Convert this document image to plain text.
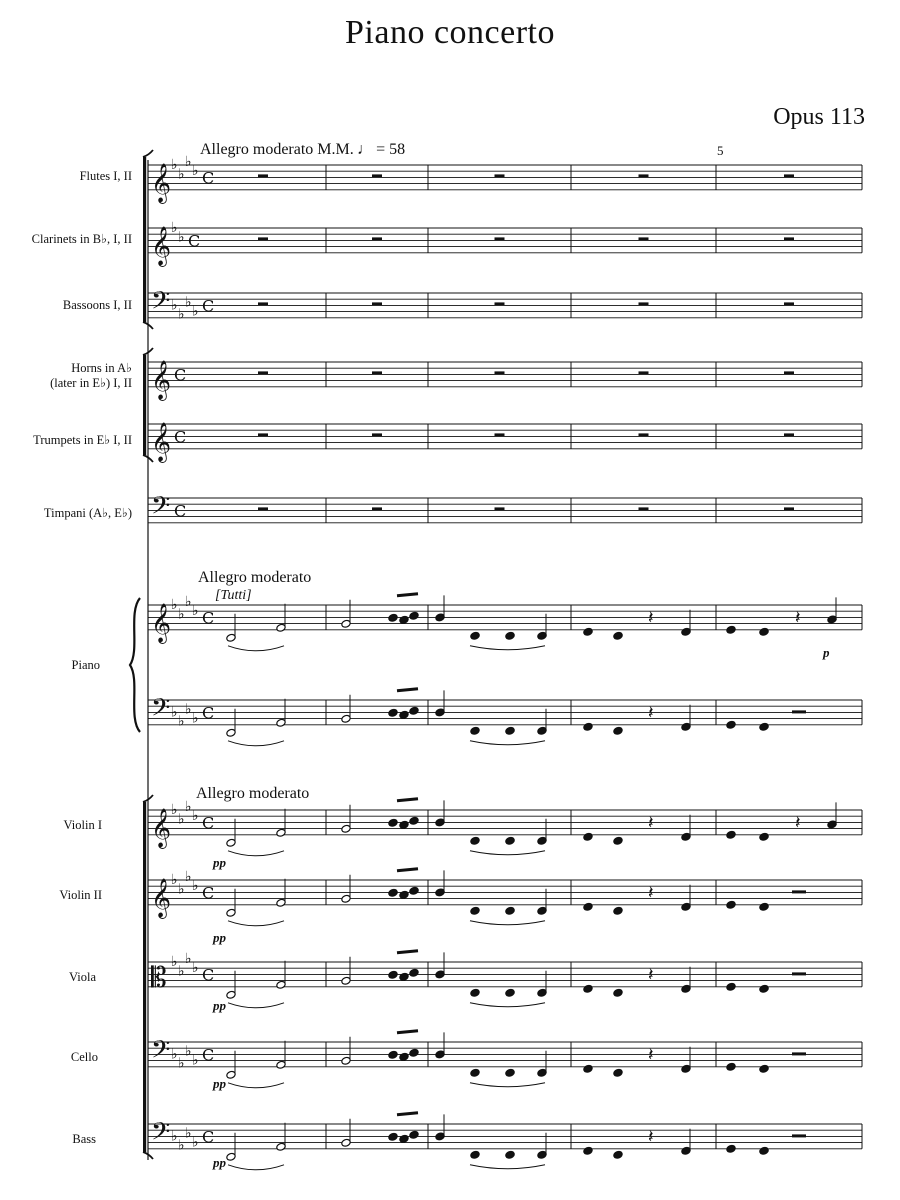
Piano concerto
Opus 113
Allegro moderato M.M. ♩ = 58	5
Allegro moderato
[Tutti]
Allegro moderato
Flutes I, II
Clarinets in B♭, I, II
Bassoons I, II
Horns in A♭
(later in E♭) I, II
Trumpets in E♭ I, II
Timpani (A♭, E♭)
Piano
Violin I
Violin II
Viola
Cello
Bass
p
pp
pp
pp
pp
pp
𝄞 ♭
♭
♭
♭ C
𝄞 ♭
♭ C
𝄢 ♭
♭
♭
♭ C
𝄞 C
𝄞 C
𝄢 C
𝄞 ♭
♭
♭
♭ C
𝄢 ♭
♭
♭
♭ C
𝄞 ♭
♭
♭
♭ C
𝄞 ♭
♭
♭
♭ C
𝄡 ♭
♭
♭
♭ C
𝄢 ♭
♭
♭
♭ C
𝄢 ♭
♭
♭
♭ C
𝄽	𝄽
𝄽
𝄽	𝄽
𝄽
𝄽
𝄽
𝄽
